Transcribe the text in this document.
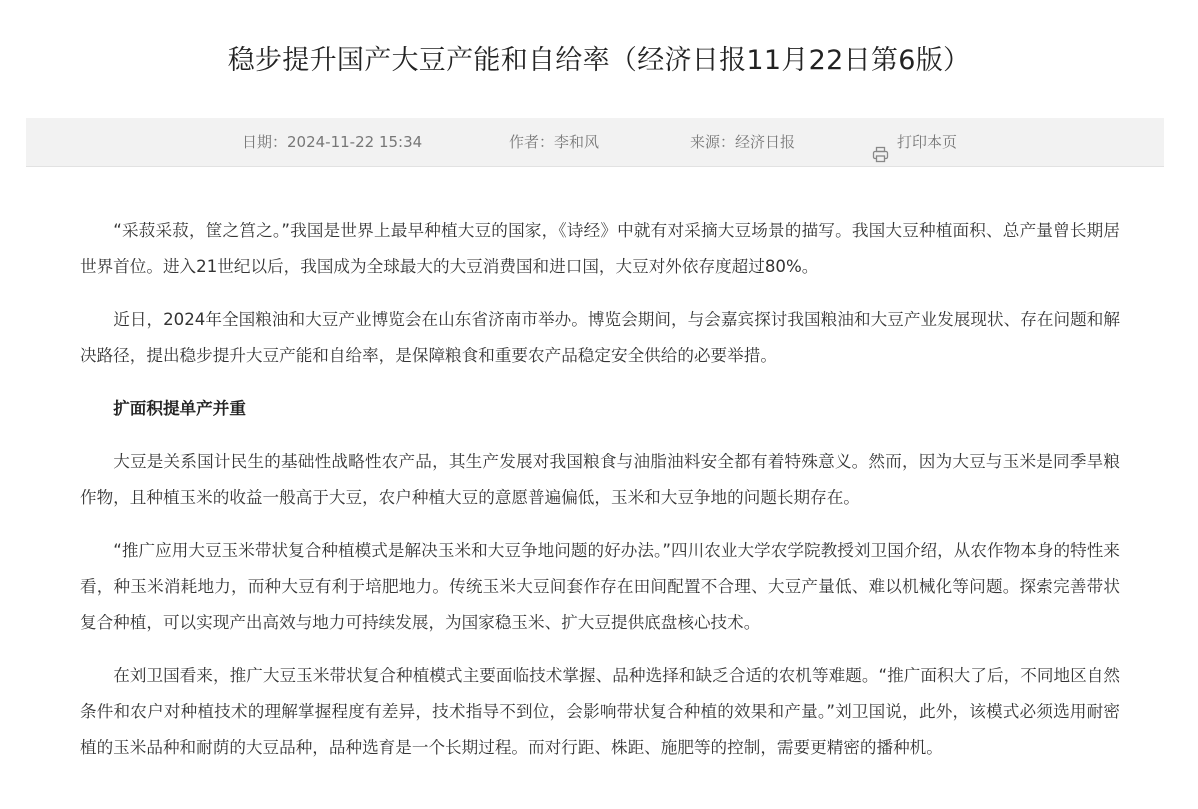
稳步提升国产大豆产能和自给率（经济日报11月22日第6版）
日期：2024-11-22 15:34	作者：李和风	来源：经济日报	打印本页

“采菽采菽，筐之筥之。”我国是世界上最早种植大豆的国家，《诗经》中就有对采摘大豆场景的描写。我国大豆种植面积、总产量曾长期居世界首位。进入21世纪以后，我国成为全球最大的大豆消费国和进口国，大豆对外依存度超过80%。

近日，2024年全国粮油和大豆产业博览会在山东省济南市举办。博览会期间，与会嘉宾探讨我国粮油和大豆产业发展现状、存在问题和解决路径，提出稳步提升大豆产能和自给率，是保障粮食和重要农产品稳定安全供给的必要举措。

扩面积提单产并重

大豆是关系国计民生的基础性战略性农产品，其生产发展对我国粮食与油脂油料安全都有着特殊意义。然而，因为大豆与玉米是同季旱粮作物，且种植玉米的收益一般高于大豆，农户种植大豆的意愿普遍偏低，玉米和大豆争地的问题长期存在。

“推广应用大豆玉米带状复合种植模式是解决玉米和大豆争地问题的好办法。”四川农业大学农学院教授刘卫国介绍，从农作物本身的特性来看，种玉米消耗地力，而种大豆有利于培肥地力。传统玉米大豆间套作存在田间配置不合理、大豆产量低、难以机械化等问题。探索完善带状复合种植，可以实现产出高效与地力可持续发展，为国家稳玉米、扩大豆提供底盘核心技术。

在刘卫国看来，推广大豆玉米带状复合种植模式主要面临技术掌握、品种选择和缺乏合适的农机等难题。“推广面积大了后，不同地区自然条件和农户对种植技术的理解掌握程度有差异，技术指导不到位，会影响带状复合种植的效果和产量。”刘卫国说，此外，该模式必须选用耐密植的玉米品种和耐荫的大豆品种，品种选育是一个长期过程。而对行距、株距、施肥等的控制，需要更精密的播种机。
